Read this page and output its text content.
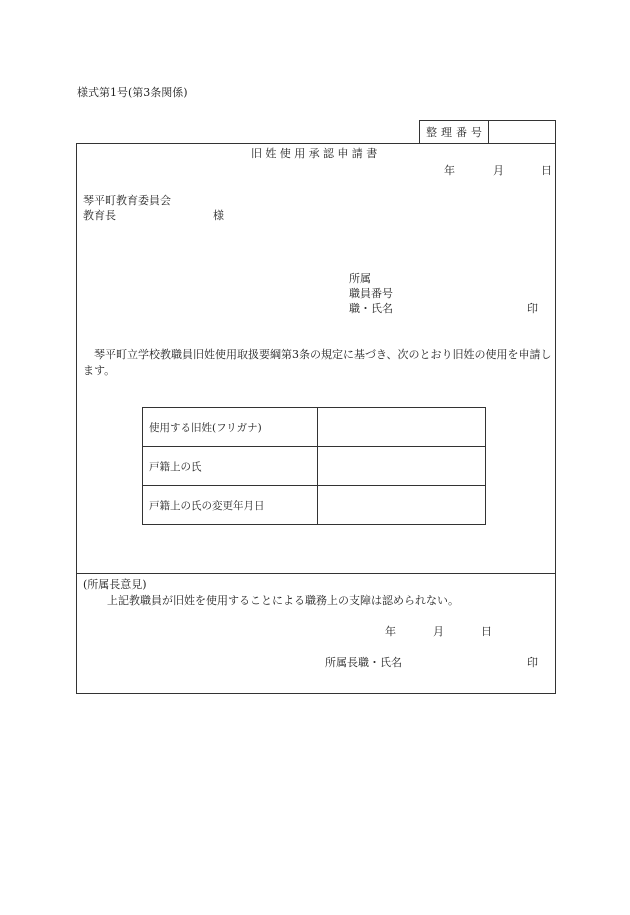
様式第1号(第3条関係)
整理番号
旧姓使用承認申請書
年	月	日
琴平町教育委員会
教育長	様
所属
職員番号
職・氏名	印
琴平町立学校教職員旧姓使用取扱要綱第3条の規定に基づき、次のとおり旧姓の使用を申請します。
使用する旧姓(フリガナ)	
戸籍上の氏	
戸籍上の氏の変更年月日	
(所属長意見)
上記教職員が旧姓を使用することによる職務上の支障は認められない。
年	月	日
所属長職・氏名	印
